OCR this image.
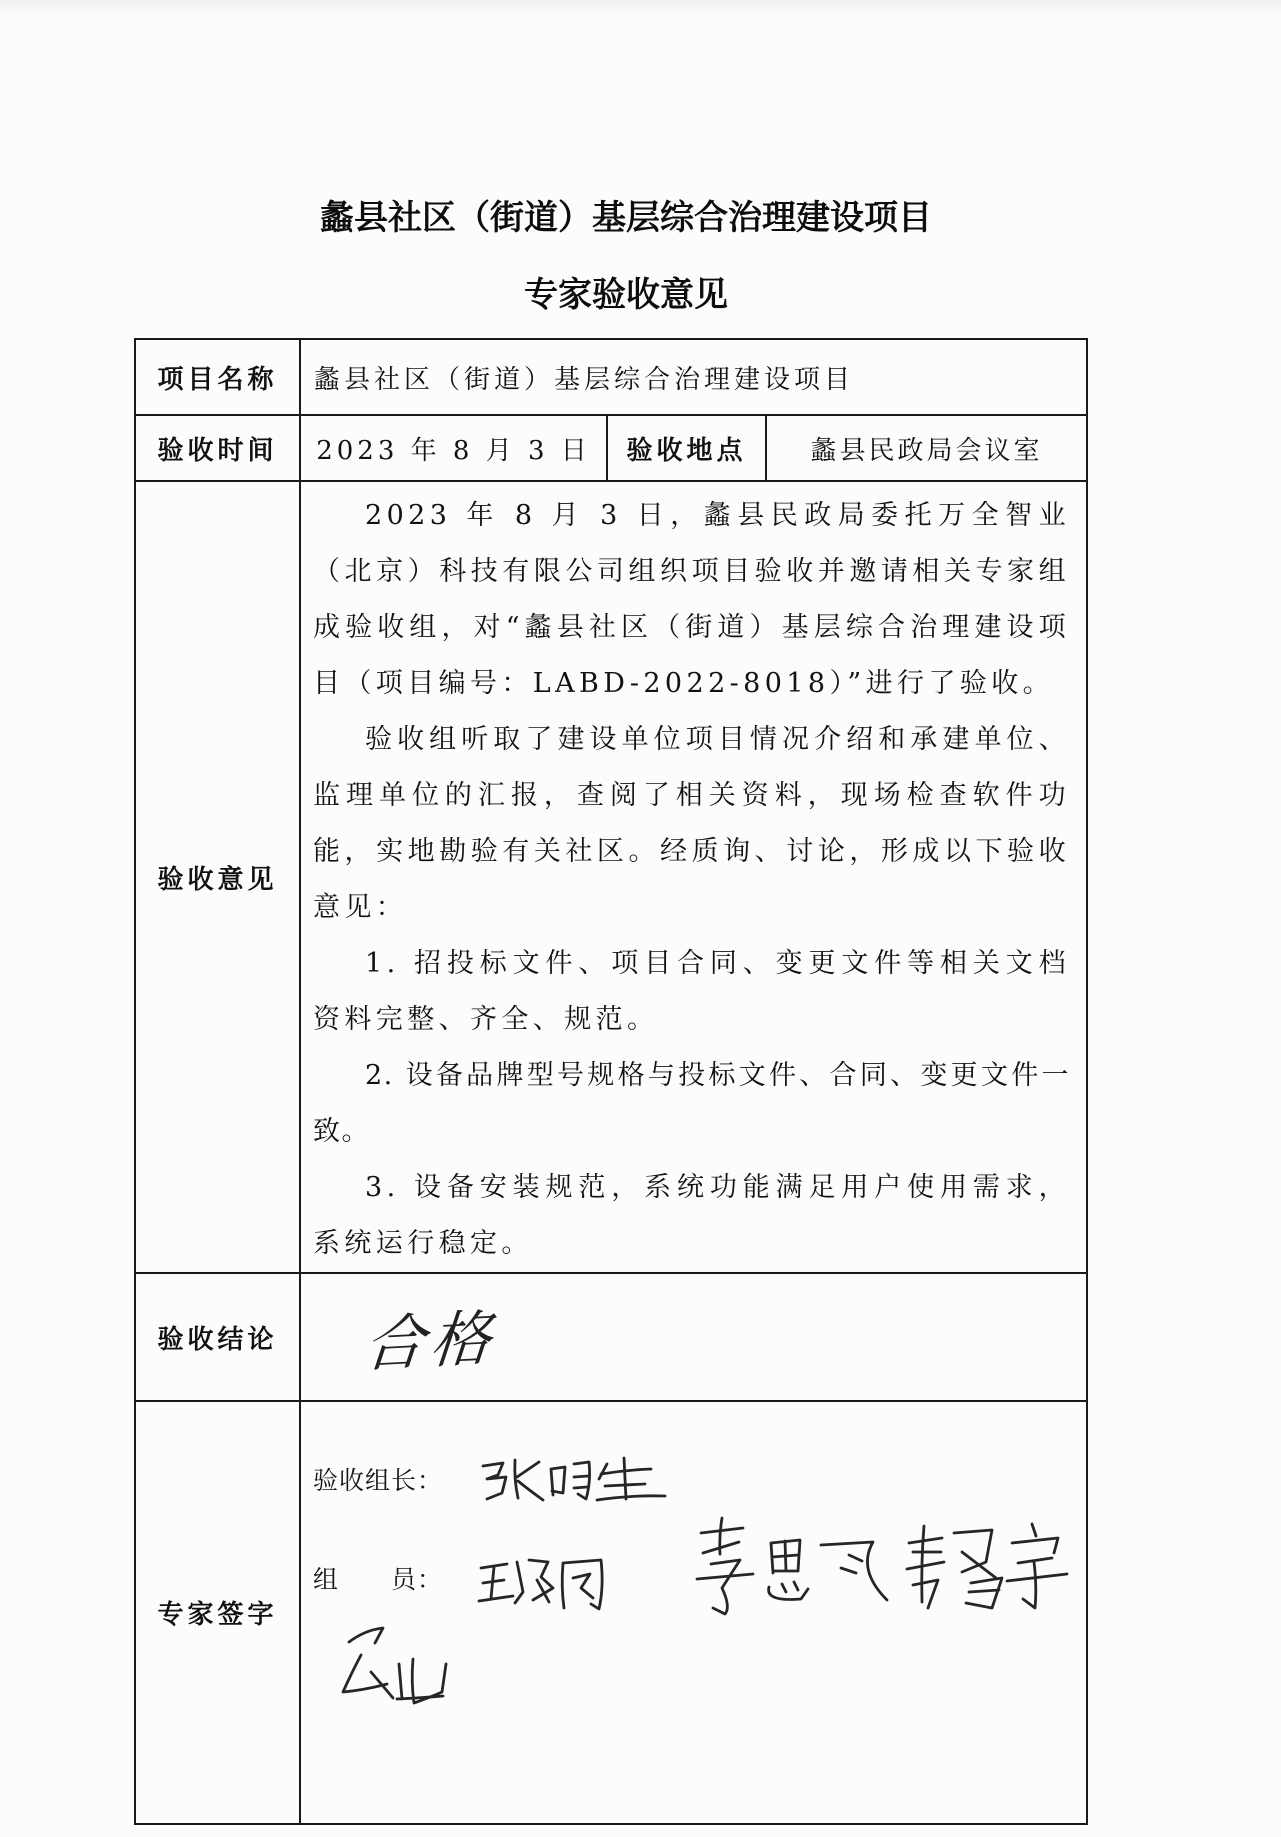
蠡县社区（街道）基层综合治理建设项目
专家验收意见
项目名称	蠡县社区（街道）基层综合治理建设项目		
验收时间	2023 年 8 月 3 日	验收地点	蠡县民政局会议室
验收意见	2023 年 8 月 3 日，蠡县民政局委托万全智业（北京）科技有限公司组织项目验收并邀请相关专家组成验收组，对“蠡县社区（街道）基层综合治理建设项目（项目编号：LABD-2022-8018）”进行了验收。

验收组听取了建设单位项目情况介绍和承建单位、监理单位的汇报，查阅了相关资料，现场检查软件功能，实地勘验有关社区。经质询、讨论，形成以下验收意见：

1. 招投标文件、项目合同、变更文件等相关文档资料完整、齐全、规范。

2. 设备品牌型号规格与投标文件、合同、变更文件一致。

3. 设备安装规范，系统功能满足用户使用需求，系统运行稳定。		

验收结论	合格		
专家签字	验收组长：
组　　员：		
